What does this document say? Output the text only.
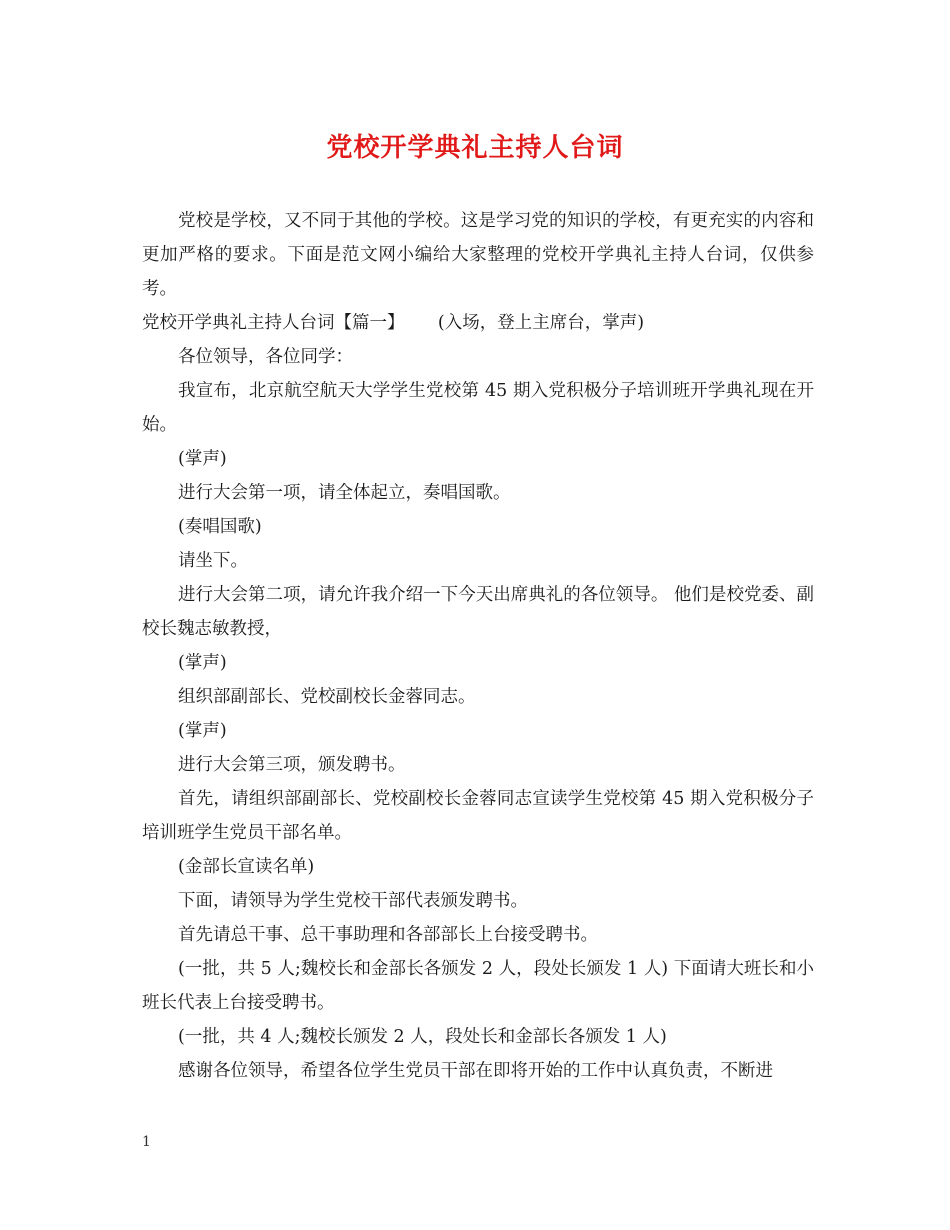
党校开学典礼主持人台词

党校是学校，又不同于其他的学校。这是学习党的知识的学校，有更充实的内容和更加严格的要求。下面是范文网小编给大家整理的党校开学典礼主持人台词，仅供参考。

党校开学典礼主持人台词【篇一】      (入场，登上主席台，掌声)

各位领导，各位同学：

我宣布，北京航空航天大学学生党校第 45 期入党积极分子培训班开学典礼现在开始。

(掌声)

进行大会第一项，请全体起立，奏唱国歌。

(奏唱国歌)

请坐下。

进行大会第二项，请允许我介绍一下今天出席典礼的各位领导。 他们是校党委、副校长魏志敏教授，

(掌声)

组织部副部长、党校副校长金蓉同志。

(掌声)

进行大会第三项，颁发聘书。

首先，请组织部副部长、党校副校长金蓉同志宣读学生党校第 45 期入党积极分子培训班学生党员干部名单。

(金部长宣读名单)

下面，请领导为学生党校干部代表颁发聘书。

首先请总干事、总干事助理和各部部长上台接受聘书。

(一批，共 5 人;魏校长和金部长各颁发 2 人，段处长颁发 1 人) 下面请大班长和小班长代表上台接受聘书。

(一批，共 4 人;魏校长颁发 2 人，段处长和金部长各颁发 1 人)

感谢各位领导，希望各位学生党员干部在即将开始的工作中认真负责，不断进

1
